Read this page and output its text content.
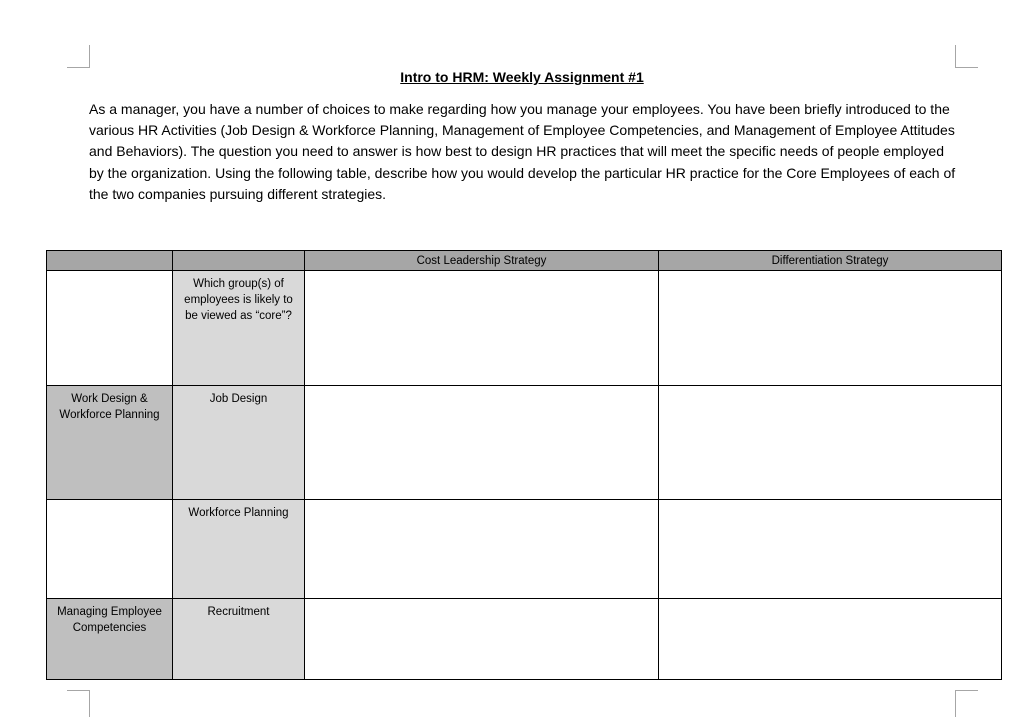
Intro to HRM: Weekly Assignment #1

As a manager, you have a number of choices to make regarding how you manage your employees. You have been briefly introduced to the various HR Activities (Job Design & Workforce Planning, Management of Employee Competencies, and Management of Employee Attitudes and Behaviors). The question you need to answer is how best to design HR practices that will meet the specific needs of people employed by the organization. Using the following table, describe how you would develop the particular HR practice for the Core Employees of each of the two companies pursuing different strategies.

		Cost Leadership Strategy	Differentiation Strategy
	Which group(s) of employees is likely to be viewed as “core”?		
Work Design & Workforce Planning	Job Design		
	Workforce Planning		
Managing Employee Competencies	Recruitment		
